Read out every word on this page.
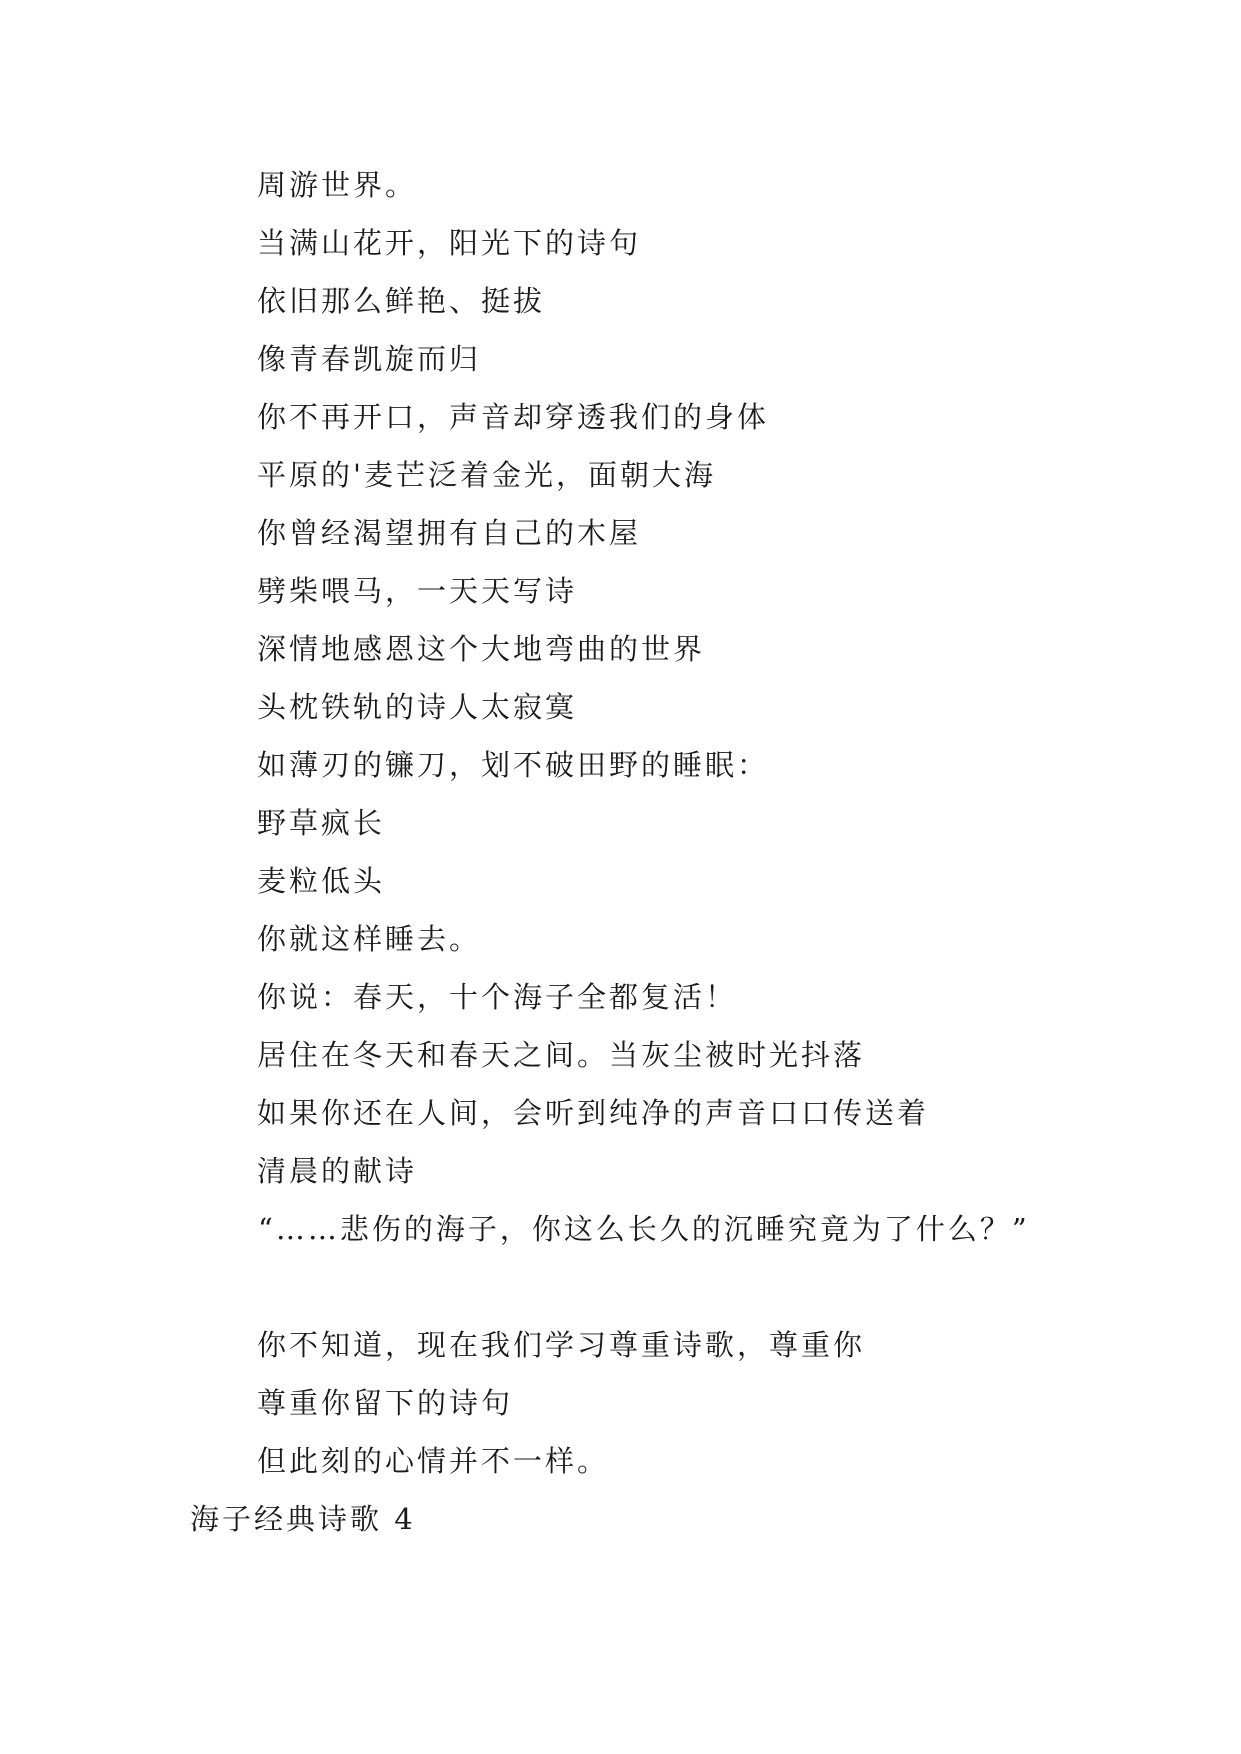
周游世界。
当满山花开，阳光下的诗句
依旧那么鲜艳、挺拔
像青春凯旋而归
你不再开口，声音却穿透我们的身体
平原的'麦芒泛着金光，面朝大海
你曾经渴望拥有自己的木屋
劈柴喂马，一天天写诗
深情地感恩这个大地弯曲的世界
头枕铁轨的诗人太寂寞
如薄刃的镰刀，划不破田野的睡眠：
野草疯长
麦粒低头
你就这样睡去。
你说：春天，十个海子全都复活！
居住在冬天和春天之间。当灰尘被时光抖落
如果你还在人间，会听到纯净的声音口口传送着
清晨的献诗
“……悲伤的海子，你这么长久的沉睡究竟为了什么？”
你不知道，现在我们学习尊重诗歌，尊重你
尊重你留下的诗句
但此刻的心情并不一样。
海子经典诗歌 4
